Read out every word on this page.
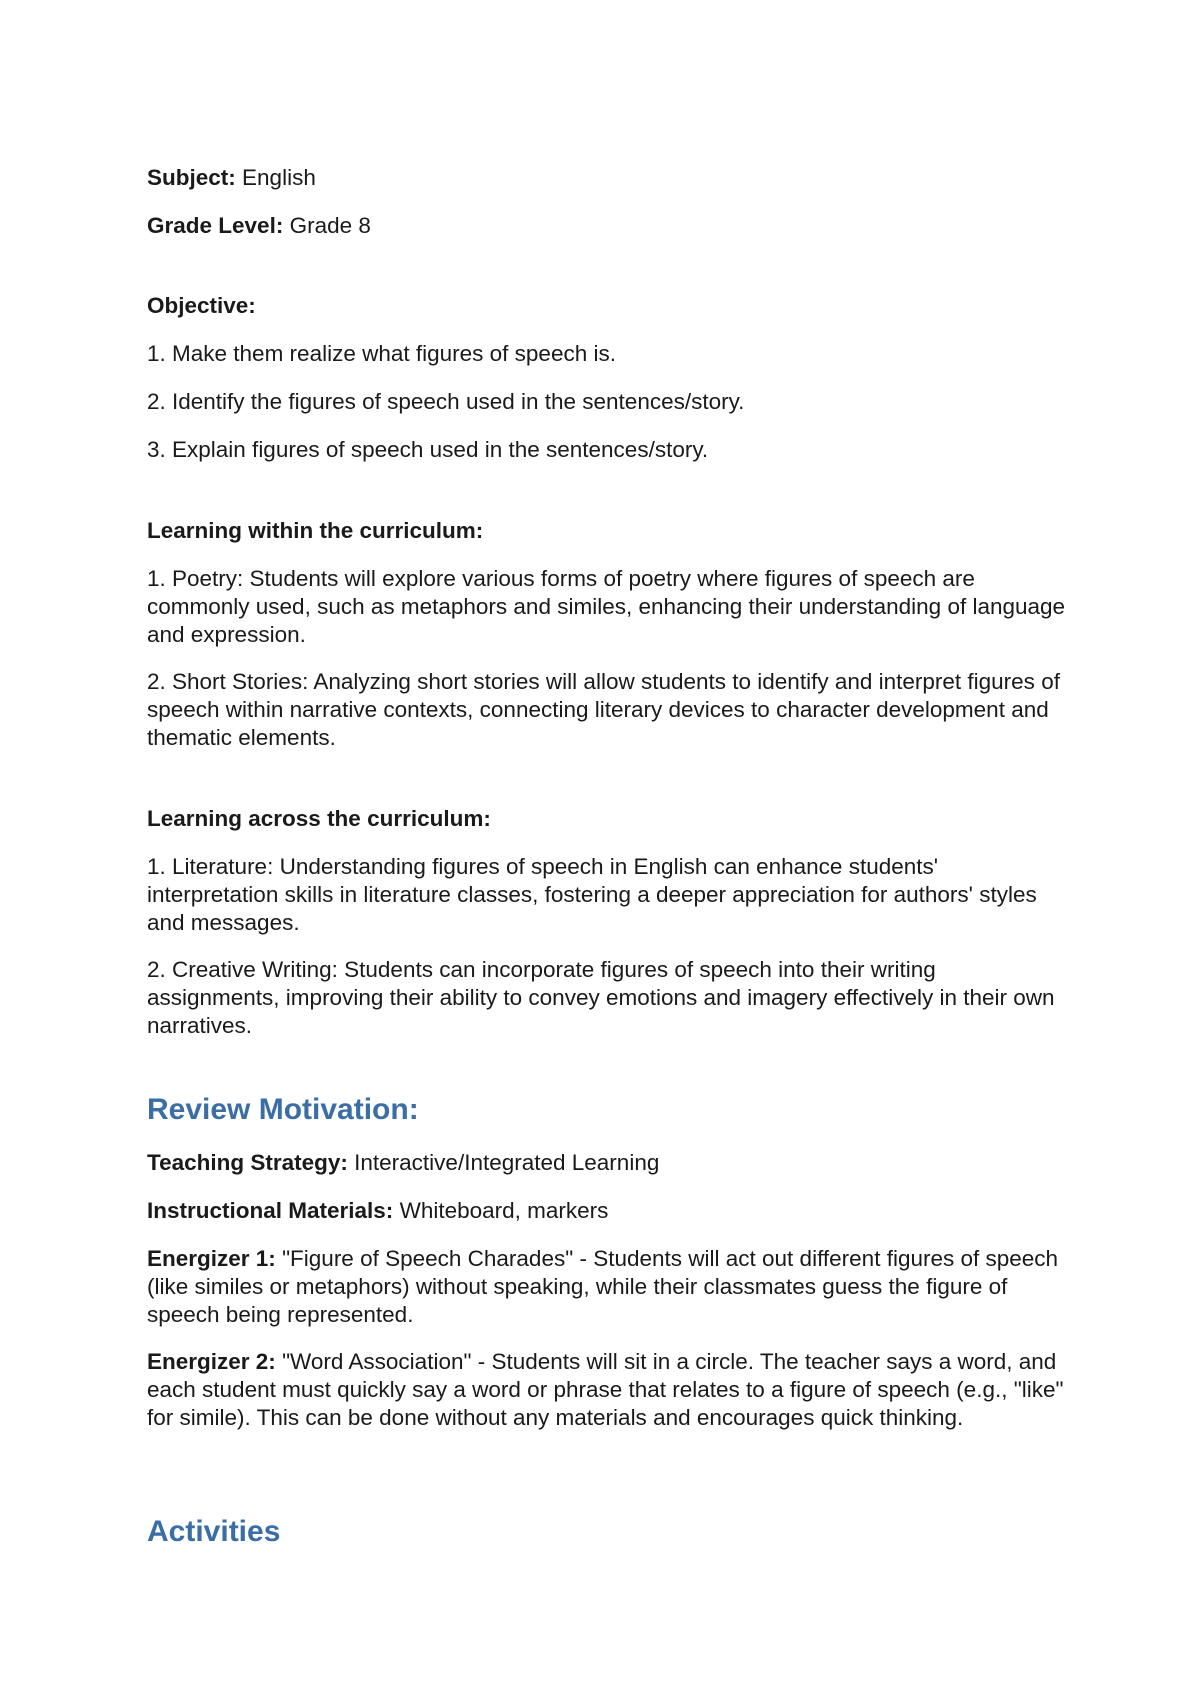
Subject: English

Grade Level: Grade 8

Objective:

1. Make them realize what figures of speech is.

2. Identify the figures of speech used in the sentences/story.

3. Explain figures of speech used in the sentences/story.

Learning within the curriculum:

1. Poetry: Students will explore various forms of poetry where figures of speech are commonly used, such as metaphors and similes, enhancing their understanding of language and expression.

2. Short Stories: Analyzing short stories will allow students to identify and interpret figures of speech within narrative contexts, connecting literary devices to character development and thematic elements.

Learning across the curriculum:

1. Literature: Understanding figures of speech in English can enhance students' interpretation skills in literature classes, fostering a deeper appreciation for authors' styles and messages.

2. Creative Writing: Students can incorporate figures of speech into their writing assignments, improving their ability to convey emotions and imagery effectively in their own narratives.

Review Motivation:

Teaching Strategy: Interactive/Integrated Learning

Instructional Materials: Whiteboard, markers

Energizer 1: "Figure of Speech Charades" - Students will act out different figures of speech (like similes or metaphors) without speaking, while their classmates guess the figure of speech being represented.

Energizer 2: "Word Association" - Students will sit in a circle. The teacher says a word, and each student must quickly say a word or phrase that relates to a figure of speech (e.g., "like" for simile). This can be done without any materials and encourages quick thinking.

Activities
